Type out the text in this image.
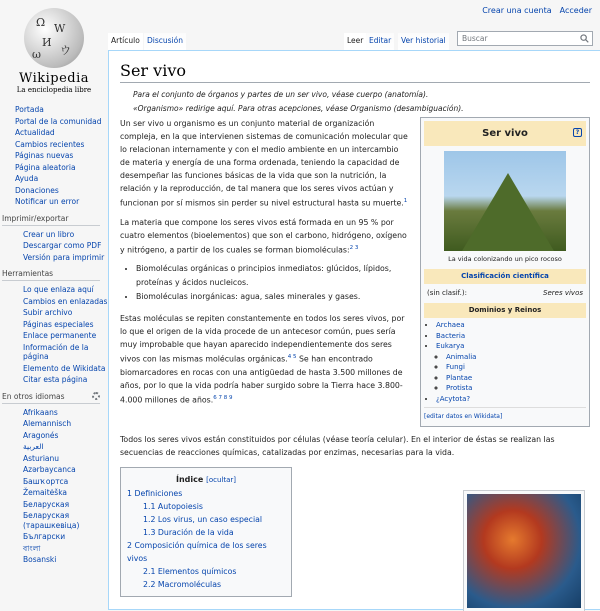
Crear una cuenta Acceder
Ω W
И
ウ
ω
Wikipedia
La enciclopedia libre
Portada
Portal de la comunidad
Actualidad
Cambios recientes
Páginas nuevas
Página aleatoria
Ayuda
Donaciones
Notificar un error
Imprimir/exportar
Crear un libro
Descargar como PDF
Versión para imprimir
Herramientas
Lo que enlaza aquí
Cambios en enlazadas
Subir archivo
Páginas especiales
Enlace permanente
Información de la página
Elemento de Wikidata
Citar esta página
En otros idiomas
Afrikaans
Alemannisch
Aragonés
العربية
Asturianu
Azərbaycanca
Башҡортса
Žemaitėška
Беларуская
Беларуская (тарашкевіца)
Български
বাংলা
Bosanski
Artículo Discusión	Leer Editar	Ver historial	Buscar
Ser vivo
Para el conjunto de órganos y partes de un ser vivo, véase cuerpo (anatomía).
«Organismo» redirige aquí. Para otras acepciones, véase Organismo (desambiguación).
Ser vivo	?
La vida colonizando un pico rocoso
Clasificación científica
(sin clasif.):	Seres vivos
Dominios y Reinos
• Archaea
• Bacteria
• Eukarya
◦ Animalia
◦ Fungi
◦ Plantae
◦ Protista
• ¿Acytota?
[editar datos en Wikidata]

Un ser vivo u organismo es un conjunto material de organización compleja, en la que intervienen sistemas de comunicación molecular que lo relacionan internamente y con el medio ambiente en un intercambio de materia y energía de una forma ordenada, teniendo la capacidad de desempeñar las funciones básicas de la vida que son la nutrición, la relación y la reproducción, de tal manera que los seres vivos actúan y funcionan por sí mismos sin perder su nivel estructural hasta su muerte.$^1$

La materia que compone los seres vivos está formada en un 95 % por cuatro elementos (bioelementos) que son el carbono, hidrógeno, oxígeno y nitrógeno, a partir de los cuales se forman biomoléculas:$^{2 3}$

• Biomoléculas orgánicas o principios inmediatos: glúcidos, lípidos, proteínas y ácidos nucleicos.
• Biomoléculas inorgánicas: agua, sales minerales y gases.

Estas moléculas se repiten constantemente en todos los seres vivos, por lo que el origen de la vida procede de un antecesor común, pues sería muy improbable que hayan aparecido independientemente dos seres vivos con las mismas moléculas orgánicas.$^{4 5}$ Se han encontrado biomarcadores en rocas con una antigüedad de hasta 3.500 millones de años, por lo que la vida podría haber surgido sobre la Tierra hace 3.800-4.000 millones de años.$^{6 7 8 9}$

Todos los seres vivos están constituidos por células (véase teoría celular). En el interior de éstas se realizan las secuencias de reacciones químicas, catalizadas por enzimas, necesarias para la vida.

Índice [ocultar]
1 Definiciones
1.1 Autopoiesis
1.2 Los virus, un caso especial
1.3 Duración de la vida
2 Composición química de los seres vivos
2.1 Elementos químicos
2.2 Macromoléculas
